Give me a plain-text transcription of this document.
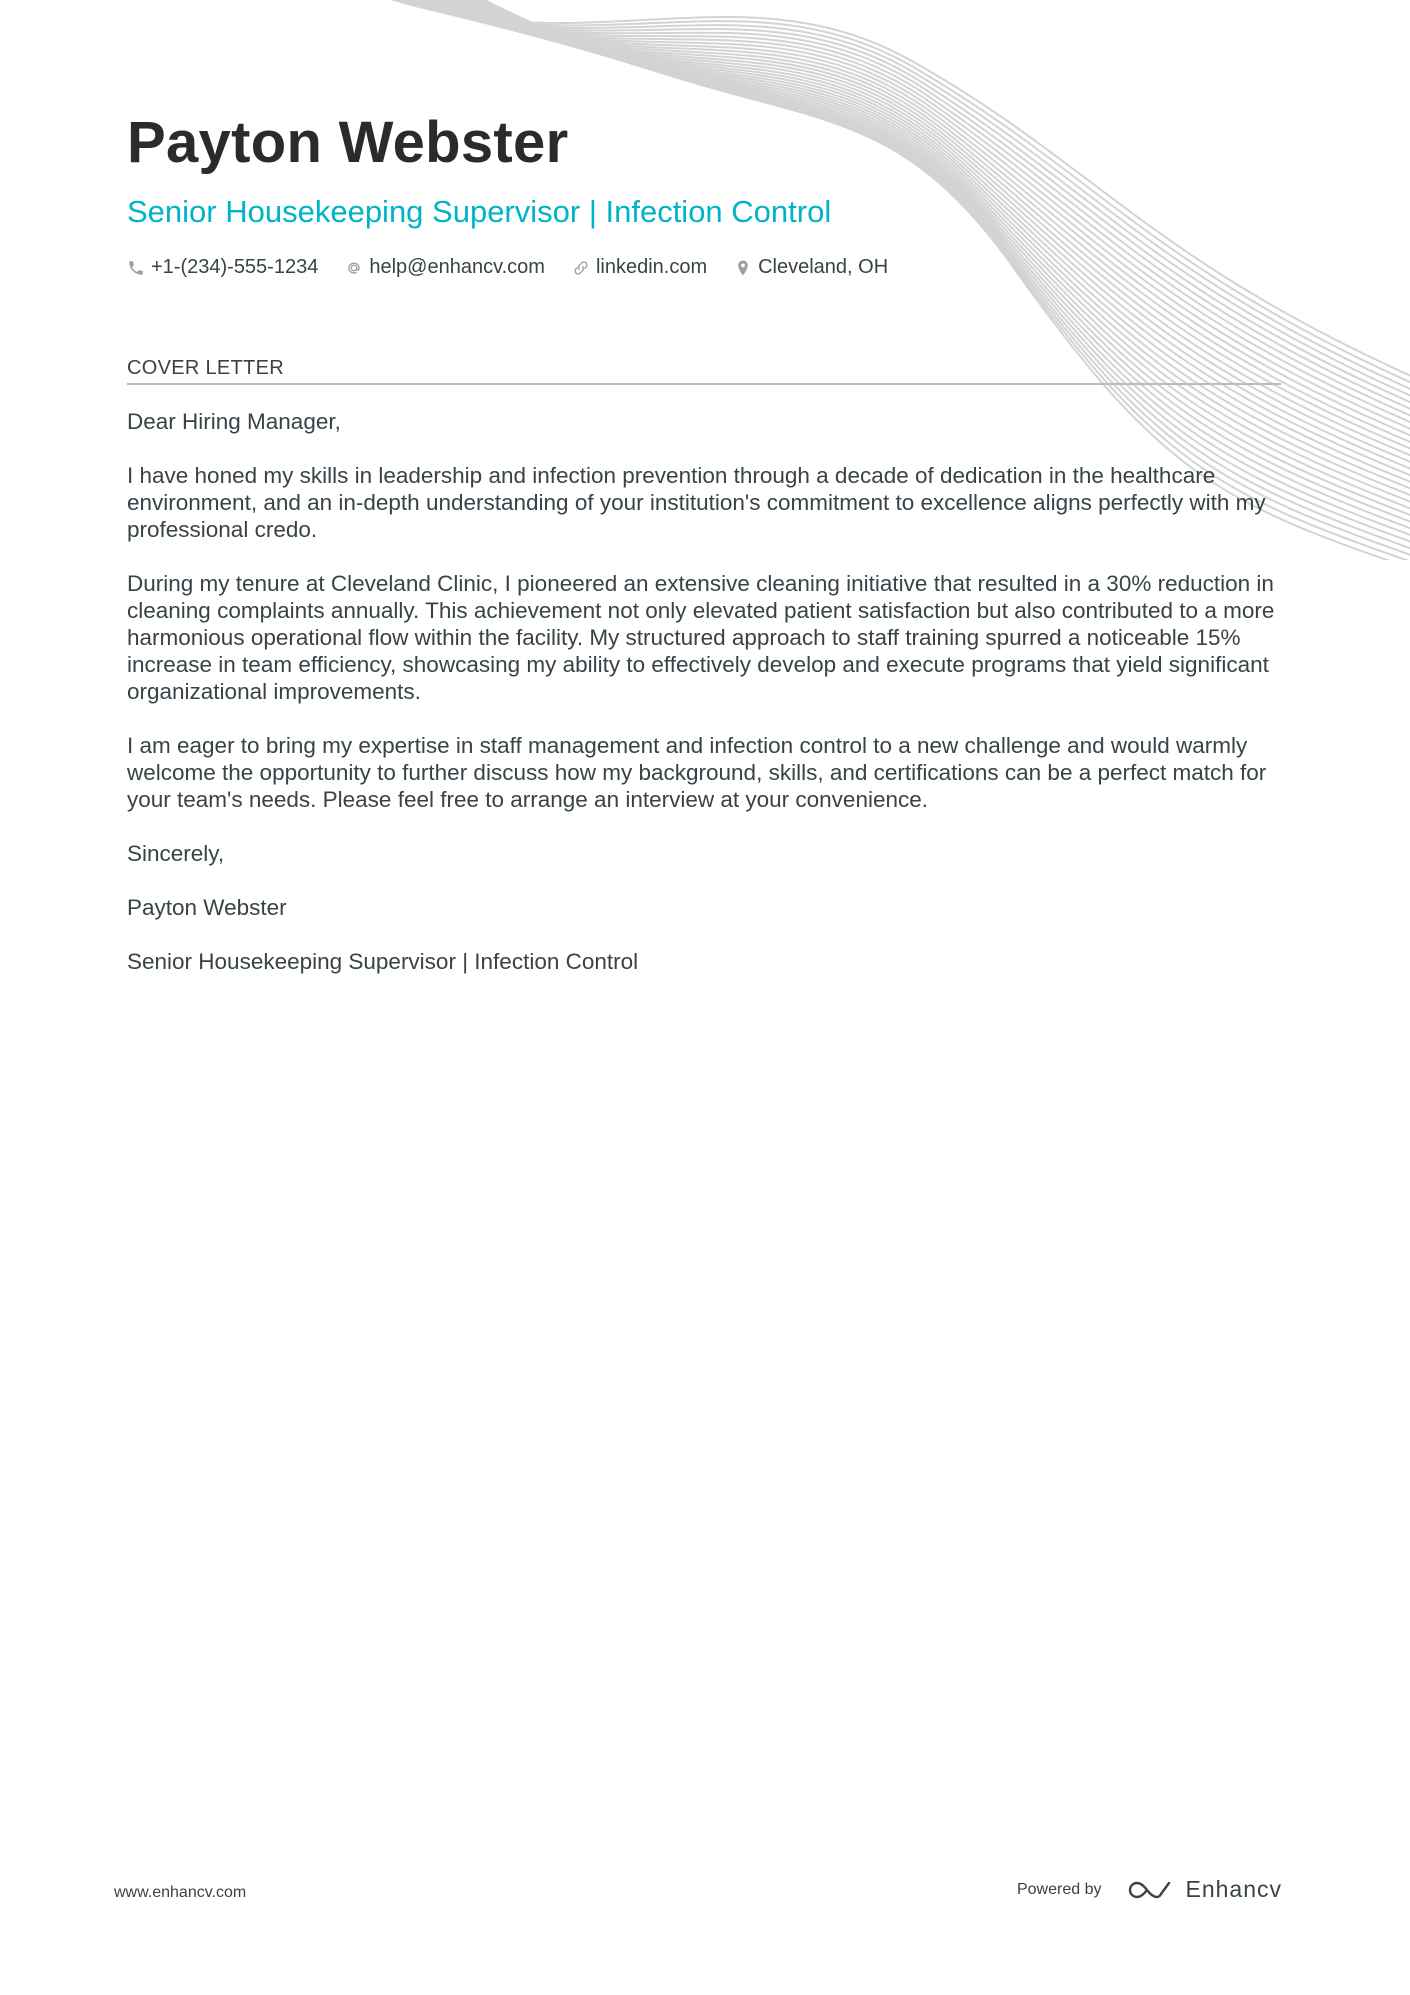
Payton Webster
Senior Housekeeping Supervisor | Infection Control
+1-(234)-555-1234	help@enhancv.com	linkedin.com	Cleveland, OH
COVER LETTER

Dear Hiring Manager,

I have honed my skills in leadership and infection prevention through a decade of dedication in the healthcare environment, and an in-depth understanding of your institution's commitment to excellence aligns perfectly with my professional credo.

During my tenure at Cleveland Clinic, I pioneered an extensive cleaning initiative that resulted in a 30% reduction in cleaning complaints annually. This achievement not only elevated patient satisfaction but also contributed to a more harmonious operational flow within the facility. My structured approach to staff training spurred a noticeable 15% increase in team efficiency, showcasing my ability to effectively develop and execute programs that yield significant organizational improvements.

I am eager to bring my expertise in staff management and infection control to a new challenge and would warmly welcome the opportunity to further discuss how my background, skills, and certifications can be a perfect match for your team's needs. Please feel free to arrange an interview at your convenience.

Sincerely,

Payton Webster

Senior Housekeeping Supervisor | Infection Control

www.enhancv.com	Powered by	Enhancv
